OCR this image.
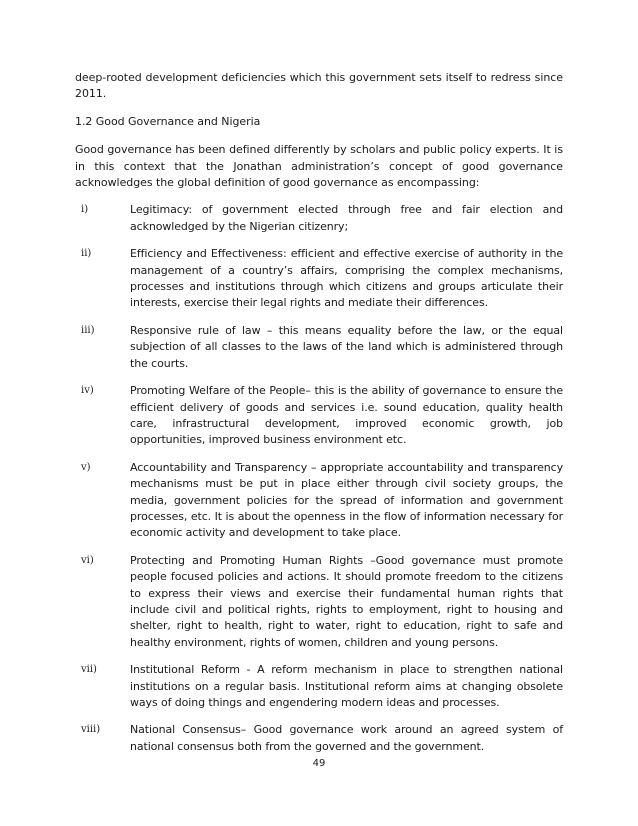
deep-rooted development deficiencies which this government sets itself to redress since 2011.

1.2 Good Governance and Nigeria

Good governance has been defined differently by scholars and public policy experts. It is in this context that the Jonathan administration’s concept of good governance acknowledges the global definition of good governance as encompassing:

i)	Legitimacy: of government elected through free and fair election and acknowledged by the Nigerian citizenry;

ii)	Efficiency and Effectiveness: efficient and effective exercise of authority in the management of a country’s affairs, comprising the complex mechanisms, processes and institutions through which citizens and groups articulate their interests, exercise their legal rights and mediate their differences.

iii)	Responsive rule of law – this means equality before the law, or the equal subjection of all classes to the laws of the land which is administered through the courts.

iv)	Promoting Welfare of the People– this is the ability of governance to ensure the efficient delivery of goods and services i.e. sound education, quality health care, infrastructural development, improved economic growth, job opportunities, improved business environment etc.

v)	Accountability and Transparency – appropriate accountability and transparency mechanisms must be put in place either through civil society groups, the media, government policies for the spread of information and government processes, etc. It is about the openness in the flow of information necessary for economic activity and development to take place.

vi)	Protecting and Promoting Human Rights –Good governance must promote people focused policies and actions. It should promote freedom to the citizens to express their views and exercise their fundamental human rights that include civil and political rights, rights to employment, right to housing and shelter, right to health, right to water, right to education, right to safe and healthy environment, rights of women, children and young persons.

vii)	Institutional Reform - A reform mechanism in place to strengthen national institutions on a regular basis. Institutional reform aims at changing obsolete ways of doing things and engendering modern ideas and processes.

viii)	National Consensus– Good governance work around an agreed system of national consensus both from the governed and the government.

49
